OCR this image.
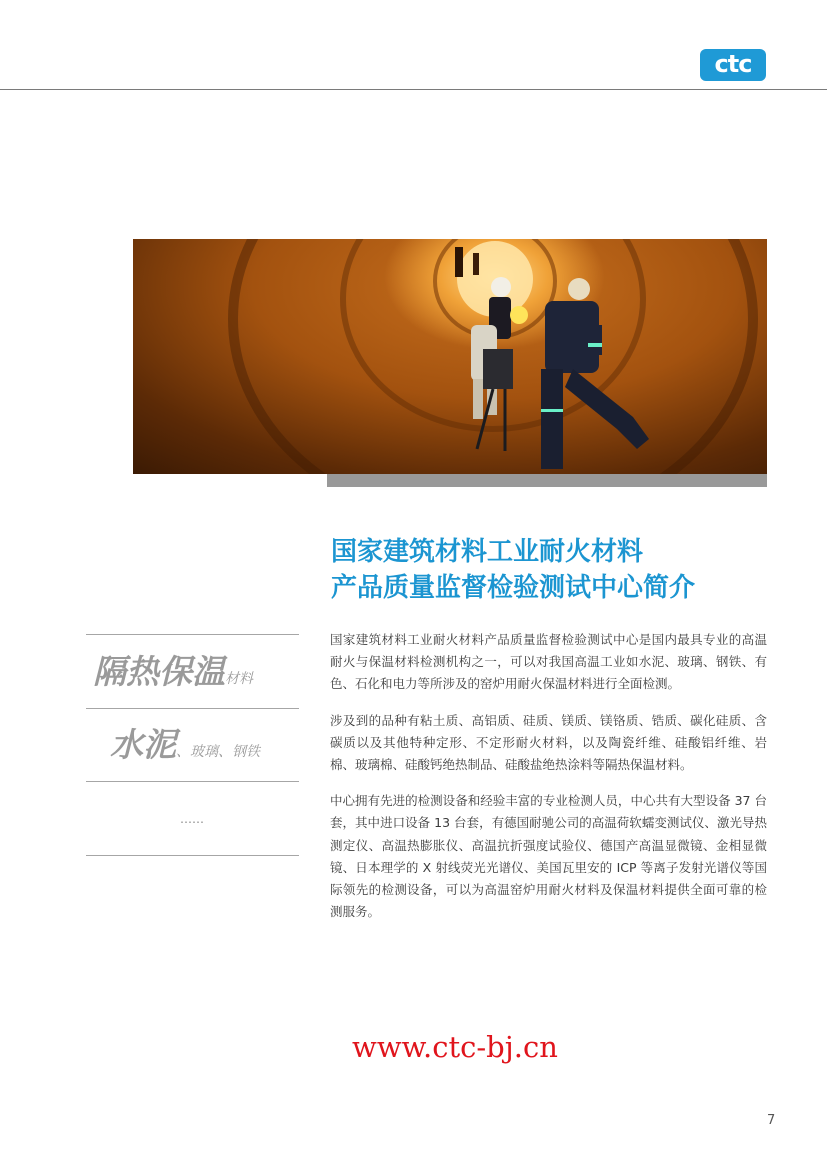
ctc
国家建筑材料工业耐火材料
产品质量监督检验测试中心简介
隔热保温材料
水泥、玻璃、钢铁
……

国家建筑材料工业耐火材料产品质量监督检验测试中心是国内最具专业的高温耐火与保温材料检测机构之一，可以对我国高温工业如水泥、玻璃、钢铁、有色、石化和电力等所涉及的窑炉用耐火保温材料进行全面检测。

涉及到的品种有粘土质、高铝质、硅质、镁质、镁铬质、锆质、碳化硅质、含碳质以及其他特种定形、不定形耐火材料，以及陶瓷纤维、硅酸铝纤维、岩棉、玻璃棉、硅酸钙绝热制品、硅酸盐绝热涂料等隔热保温材料。

中心拥有先进的检测设备和经验丰富的专业检测人员，中心共有大型设备 37 台套，其中进口设备 13 台套，有德国耐驰公司的高温荷软蠕变测试仪、激光导热测定仪、高温热膨胀仪、高温抗折强度试验仪、德国产高温显微镜、金相显微镜、日本理学的 X 射线荧光光谱仪、美国瓦里安的 ICP 等离子发射光谱仪等国际领先的检测设备，可以为高温窑炉用耐火材料及保温材料提供全面可靠的检测服务。

www.ctc-bj.cn
7
